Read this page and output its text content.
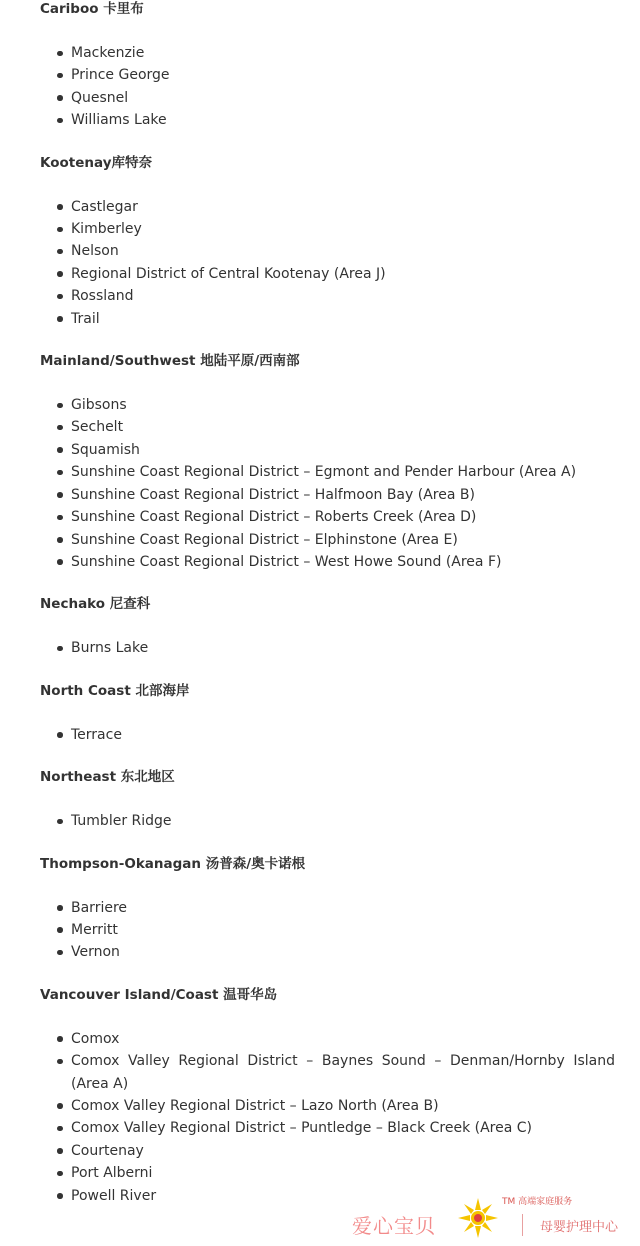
Cariboo 卡里布

Mackenzie
Prince George
Quesnel
Williams Lake

Kootenay库特奈

Castlegar
Kimberley
Nelson
Regional District of Central Kootenay (Area J)
Rossland
Trail

Mainland/Southwest 地陆平原/西南部

Gibsons
Sechelt
Squamish
Sunshine Coast Regional District – Egmont and Pender Harbour (Area A)
Sunshine Coast Regional District – Halfmoon Bay (Area B)
Sunshine Coast Regional District – Roberts Creek (Area D)
Sunshine Coast Regional District – Elphinstone (Area E)
Sunshine Coast Regional District – West Howe Sound (Area F)

Nechako 尼查科

Burns Lake

North Coast 北部海岸

Terrace

Northeast 东北地区

Tumbler Ridge

Thompson-Okanagan 汤普森/奥卡诺根

Barriere
Merritt
Vernon

Vancouver Island/Coast 温哥华岛

Comox
Comox Valley Regional District – Baynes Sound – Denman/Hornby Island (Area A)
Comox Valley Regional District – Lazo North (Area B)
Comox Valley Regional District – Puntledge – Black Creek (Area C)
Courtenay
Port Alberni
Powell River
爱心宝贝
TM 高端家庭服务
母婴护理中心
